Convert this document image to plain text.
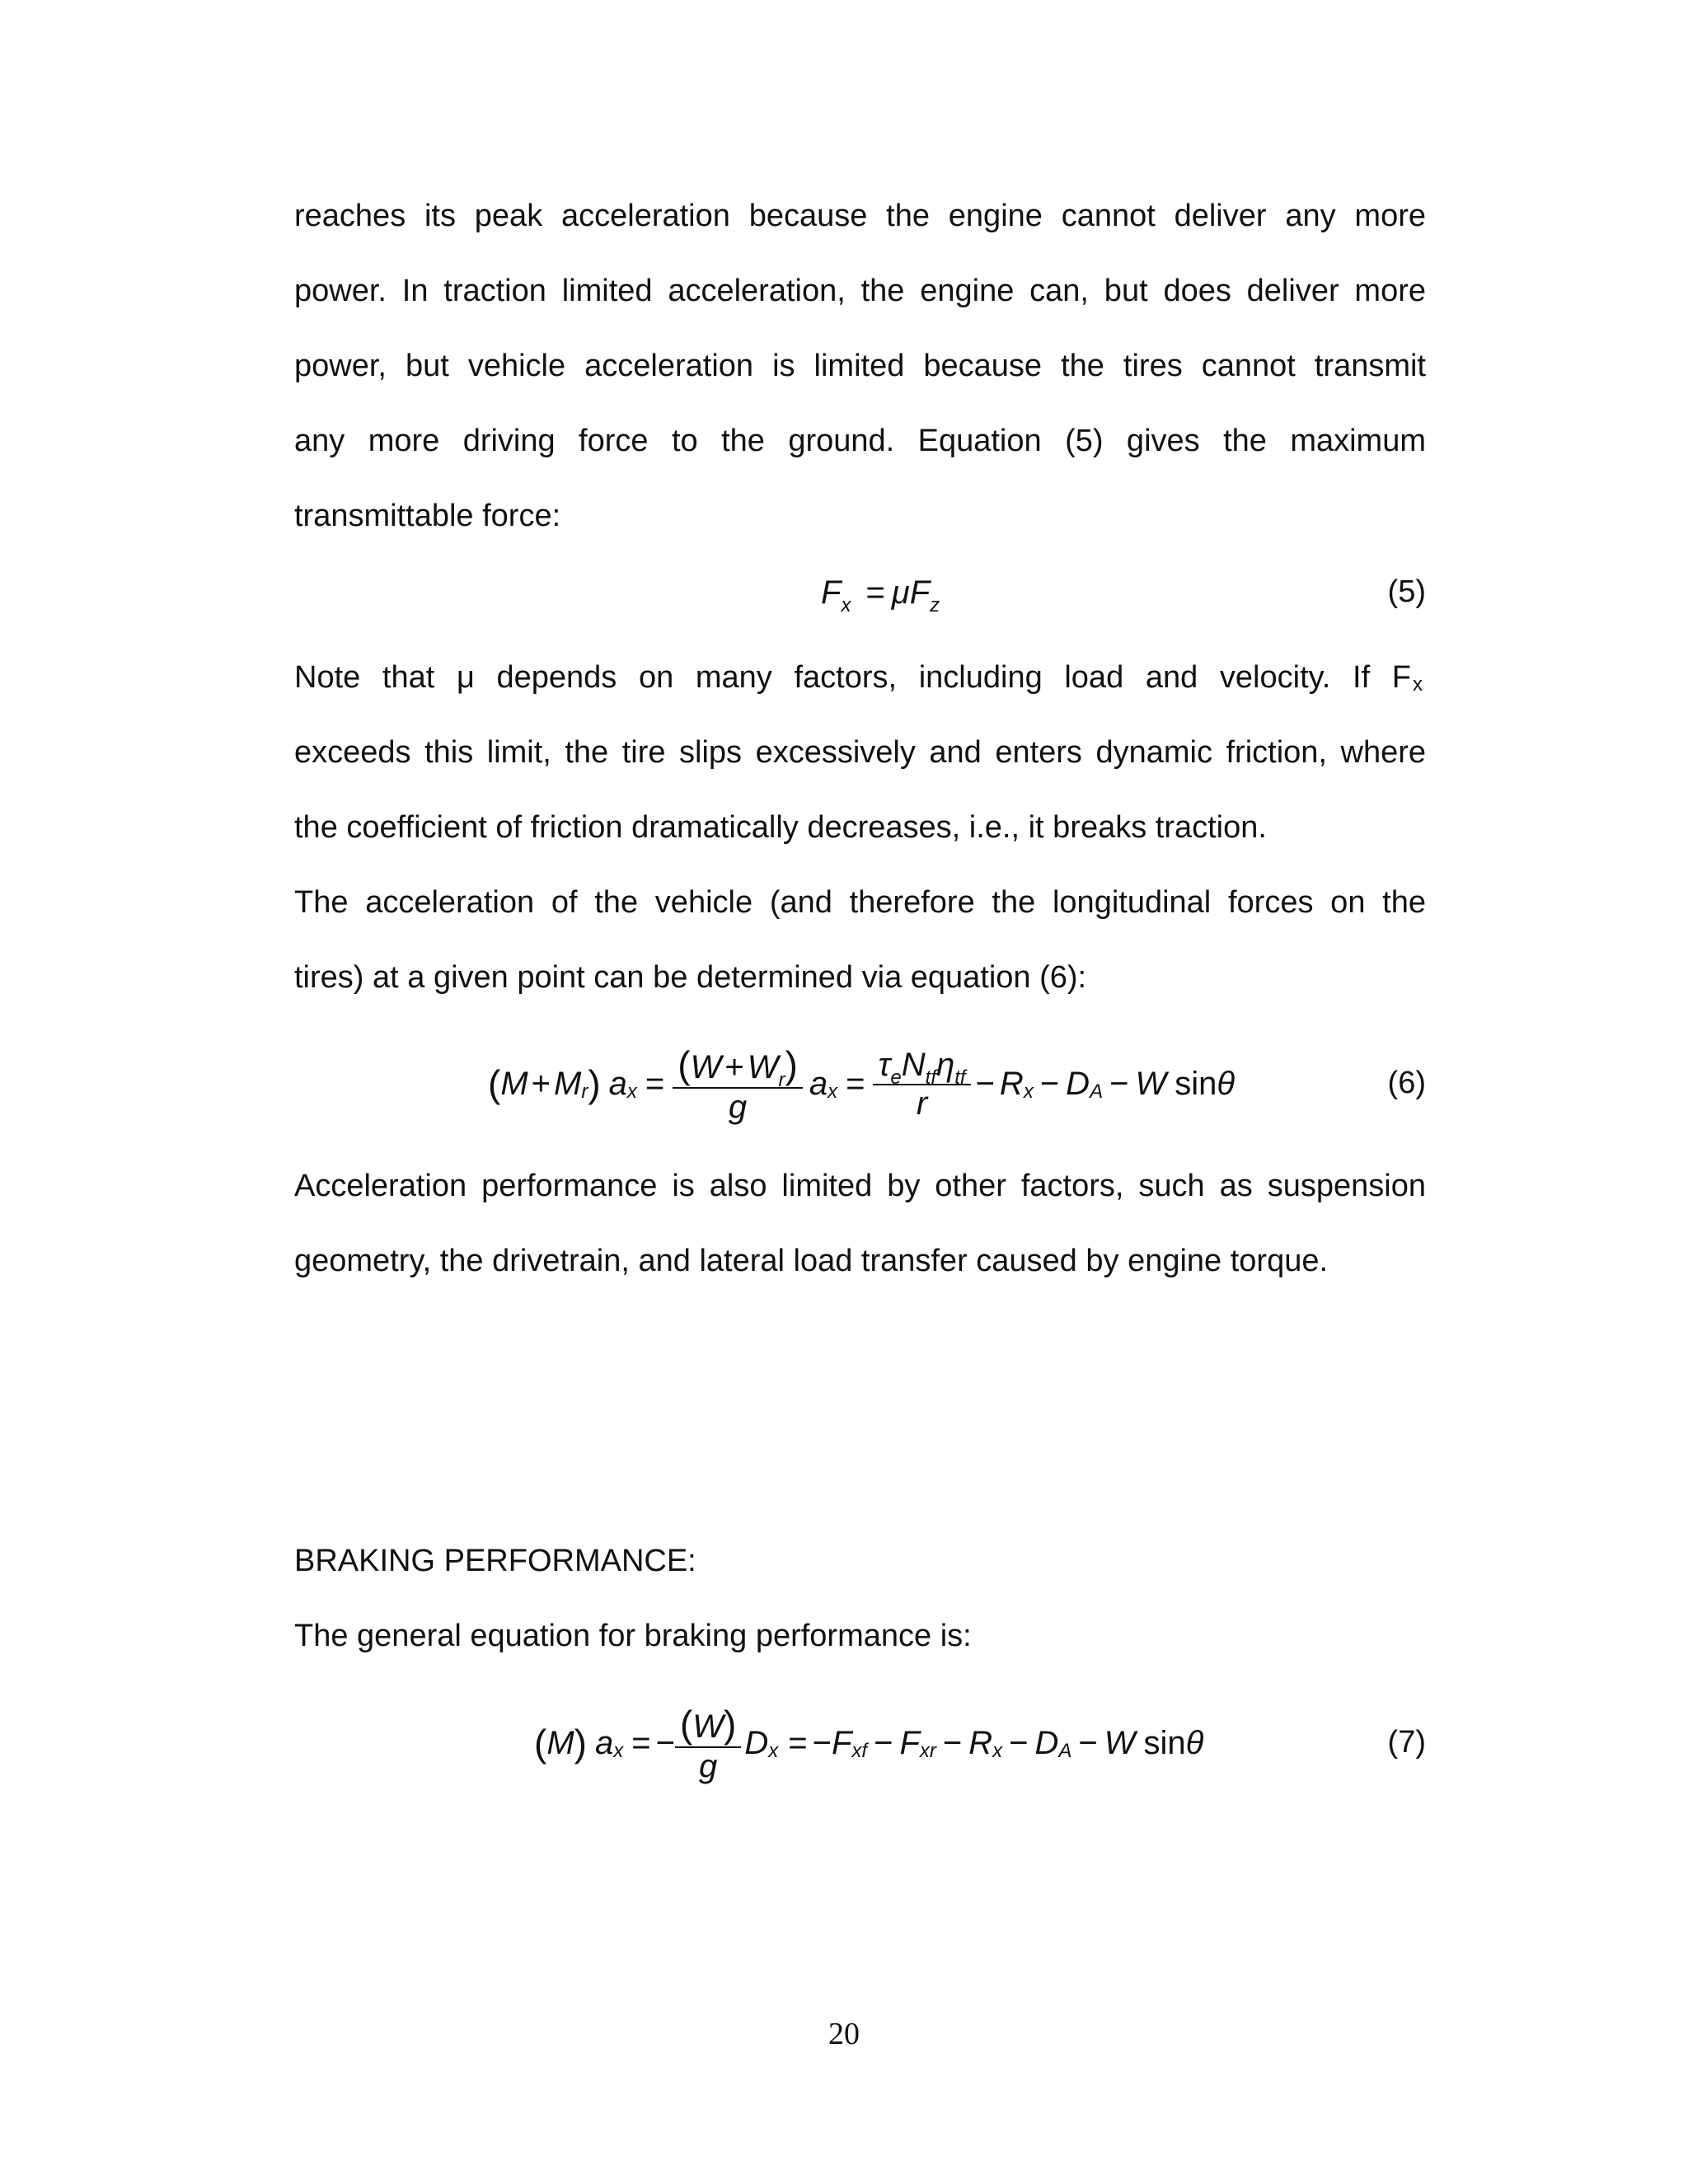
reaches its peak acceleration because the engine cannot deliver any more
power. In traction limited acceleration, the engine can, but does deliver more
power, but vehicle acceleration is limited because the tires cannot transmit
any more driving force to the ground. Equation (5) gives the maximum
transmittable force:
$F_x = \mu F_z$	(5)
Note that μ depends on many factors, including load and velocity. If F x
exceeds this limit, the tire slips excessively and enters dynamic friction, where
the coefficient of friction dramatically decreases, i.e., it breaks traction.
The acceleration of the vehicle (and therefore the longitudinal forces on the
tires) at a given point can be determined via equation (6):
( M + M r ) a $x = \frac{(W + W_r)}{g}$ a $x = \frac{\tau_eN_{tf}\eta_{tf}}{r} - R$ x − D A − W sin θ	(6)
Acceleration performance is also limited by other factors, such as suspension
geometry, the drivetrain, and lateral load transfer caused by engine torque.
BRAKING PERFORMANCE:
The general equation for braking performance is:
( M ) a x = − $\frac{(W)}{g}$ D x = − F xf − F xr − R x − D A − W sin θ	(7)
20
